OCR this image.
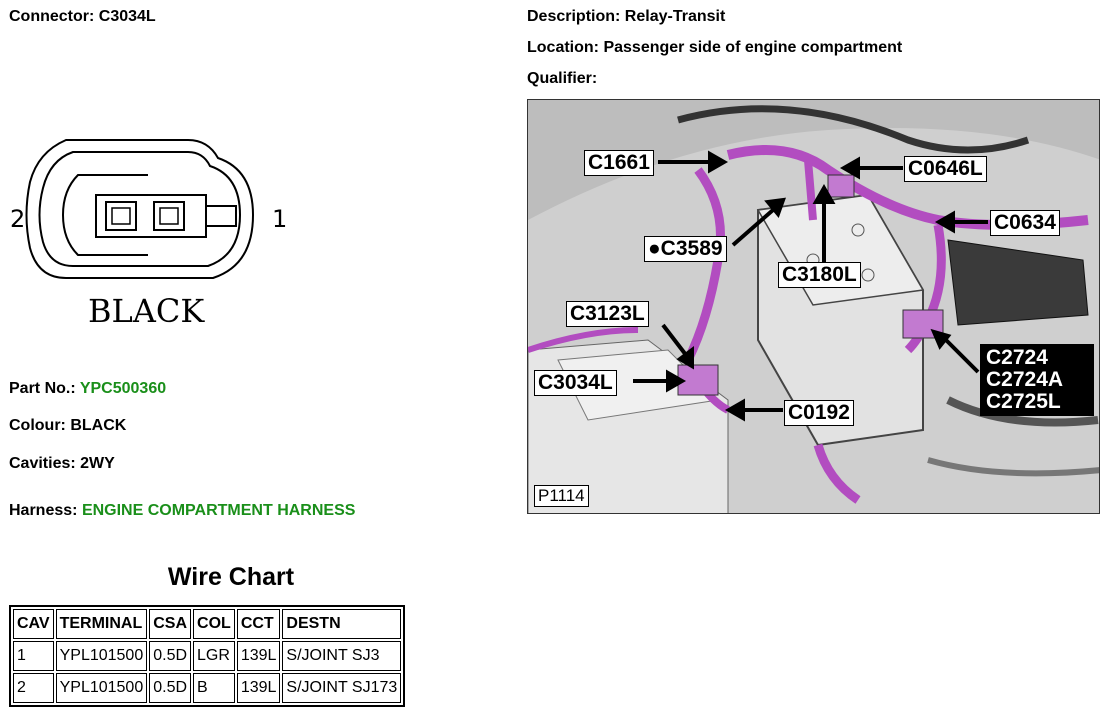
Connector: C3034L	Description: Relay-Transit
Location: Passenger side of engine compartment
Qualifier:
2	1
BLACK
Part No.: YPC500360
Colour: BLACK
Cavities: 2WY
Harness: ENGINE COMPARTMENT HARNESS
C1661	C0646L
●C3589
C0634
C3180L
C3123L
C3034L
C0192
C2724
C2724A
C2725L
P1114
Wire Chart
CAV	TERMINAL	CSA	COL	CCT	DESTN
1	YPL101500	0.5D	LGR	139L	S/JOINT SJ3
2	YPL101500	0.5D	B	139L	S/JOINT SJ173
